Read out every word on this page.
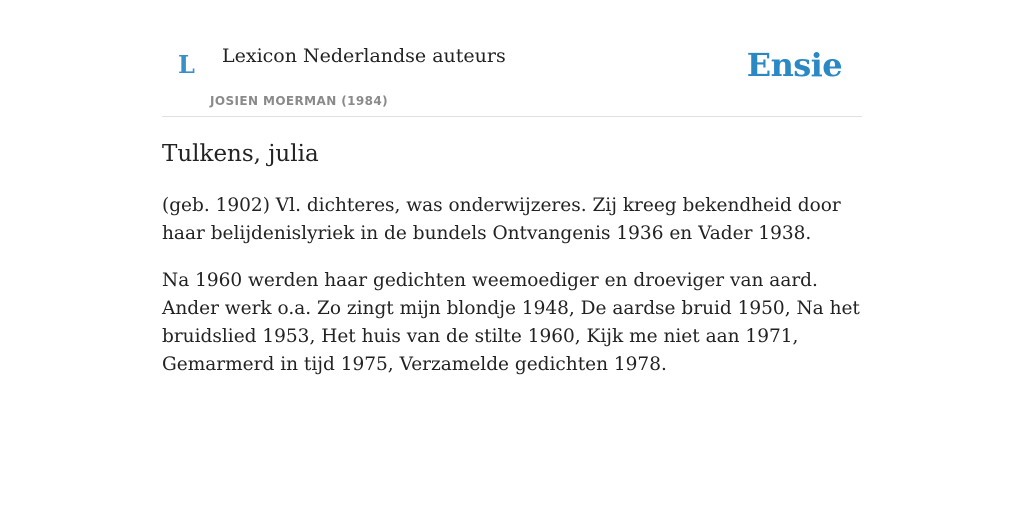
L Lexicon Nederlandse auteurs
JOSIEN MOERMAN (1984)
Ensie
Tulkens, julia

(geb. 1902) Vl. dichteres, was onderwijzeres. Zij kreeg bekendheid door haar belijdenislyriek in de bundels Ontvangenis 1936 en Vader 1938.

Na 1960 werden haar gedichten weemoediger en droeviger van aard. Ander werk o.a. Zo zingt mijn blondje 1948, De aardse bruid 1950, Na het bruidslied 1953, Het huis van de stilte 1960, Kijk me niet aan 1971, Gemarmerd in tijd 1975, Verzamelde gedichten 1978.
